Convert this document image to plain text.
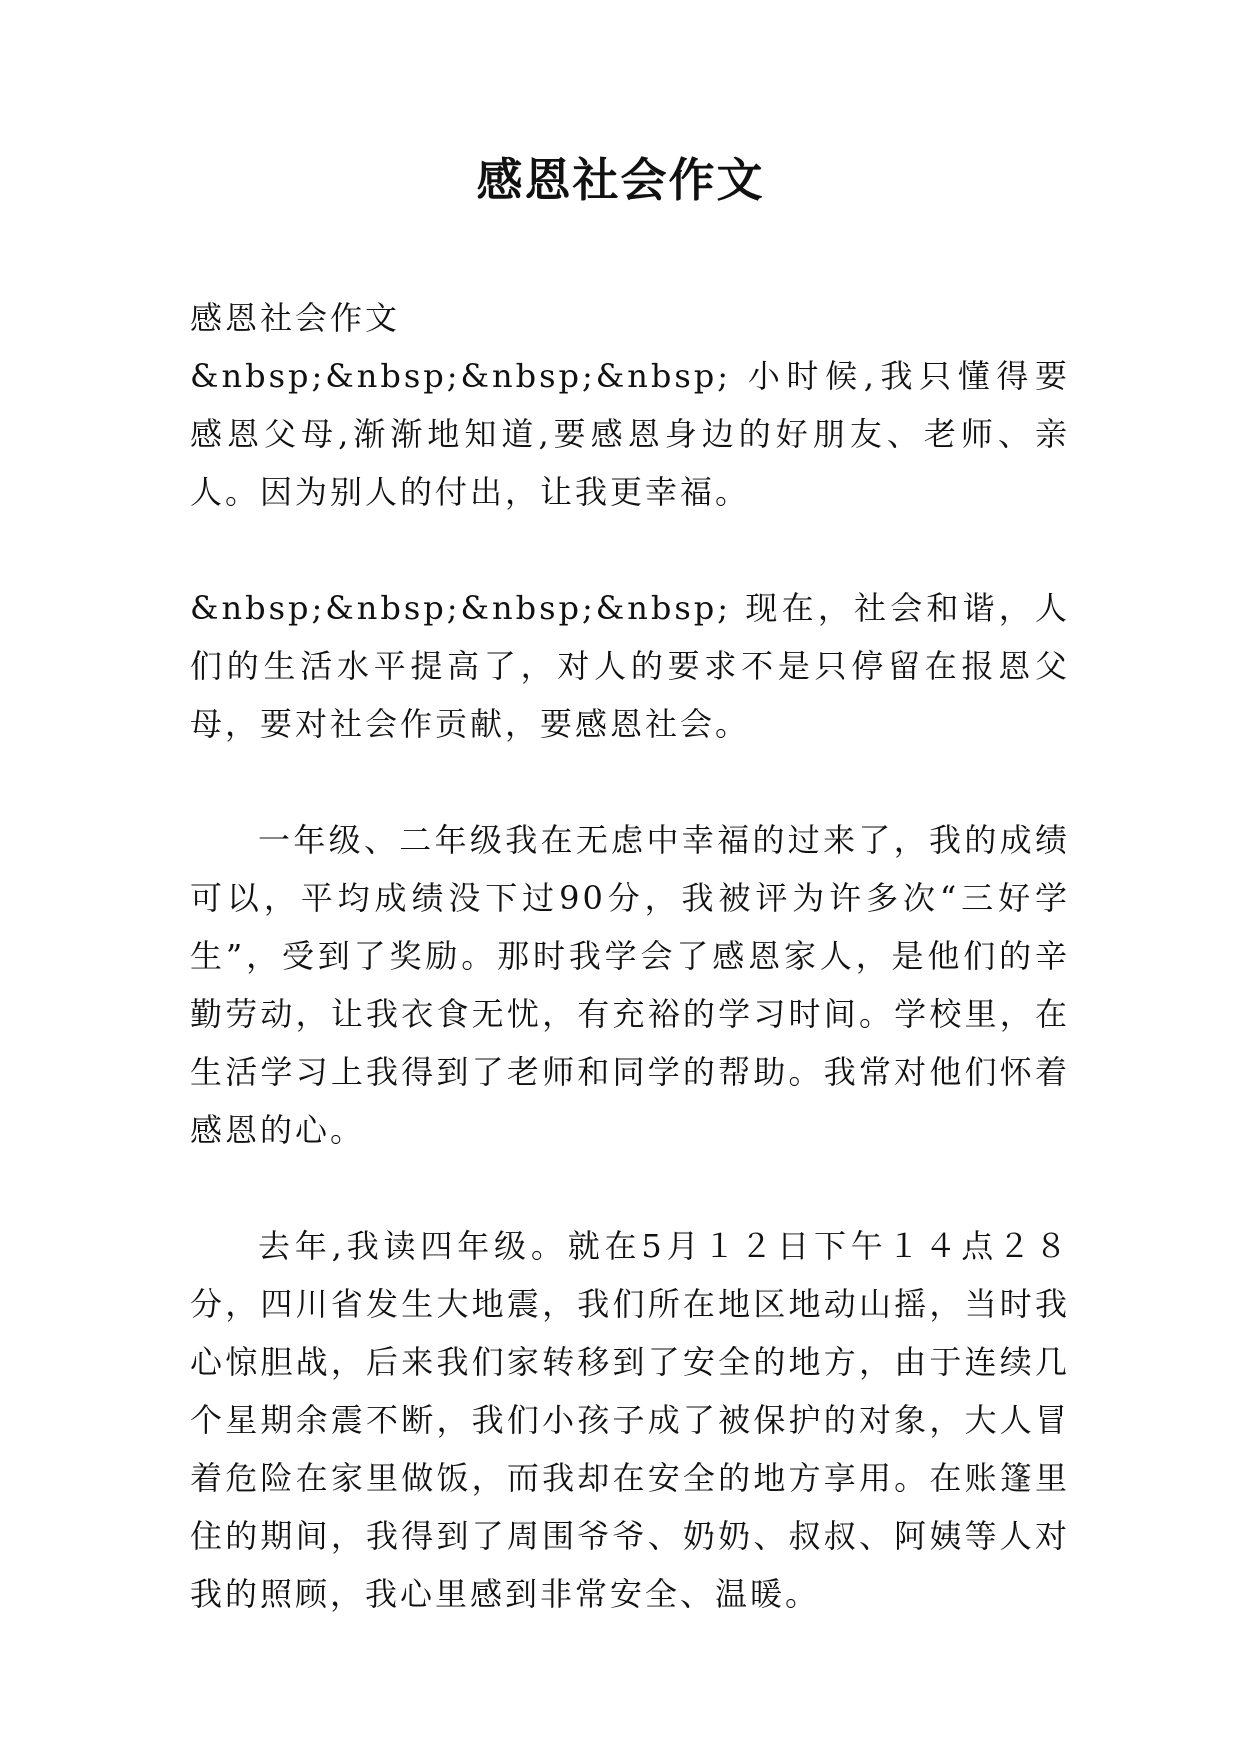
感恩社会作文

感恩社会作文

&nbsp;&nbsp;&nbsp;&nbsp; 小时候,我只懂得要感恩父母,渐渐地知道,要感恩身边的好朋友、老师、亲人。因为别人的付出，让我更幸福。

&nbsp;&nbsp;&nbsp;&nbsp; 现在，社会和谐，人们的生活水平提高了，对人的要求不是只停留在报恩父母，要对社会作贡献，要感恩社会。

一年级、二年级我在无虑中幸福的过来了，我的成绩可以，平均成绩没下过90分，我被评为许多次“三好学生”，受到了奖励。那时我学会了感恩家人，是他们的辛勤劳动，让我衣食无忧，有充裕的学习时间。学校里，在生活学习上我得到了老师和同学的帮助。我常对他们怀着感恩的心。

去年,我读四年级。就在5月１２日下午１４点２８分，四川省发生大地震，我们所在地区地动山摇，当时我心惊胆战，后来我们家转移到了安全的地方，由于连续几个星期余震不断，我们小孩子成了被保护的对象，大人冒着危险在家里做饭，而我却在安全的地方享用。在账篷里住的期间，我得到了周围爷爷、奶奶、叔叔、阿姨等人对我的照顾，我心里感到非常安全、温暖。
